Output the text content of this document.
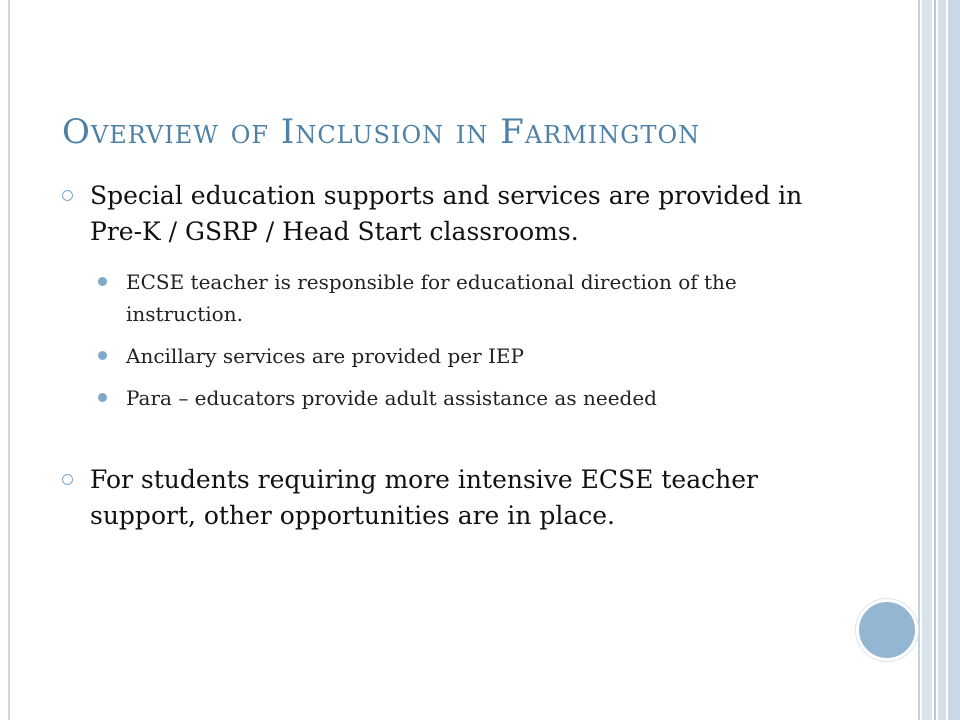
Overview of Inclusion in Farmington
Special education supports and services are provided in Pre-K / GSRP / Head Start classrooms.
ECSE teacher is responsible for educational direction of the instruction.
Ancillary services are provided per IEP
Para – educators provide adult assistance as needed
For students requiring more intensive ECSE teacher support, other opportunities are in place.
